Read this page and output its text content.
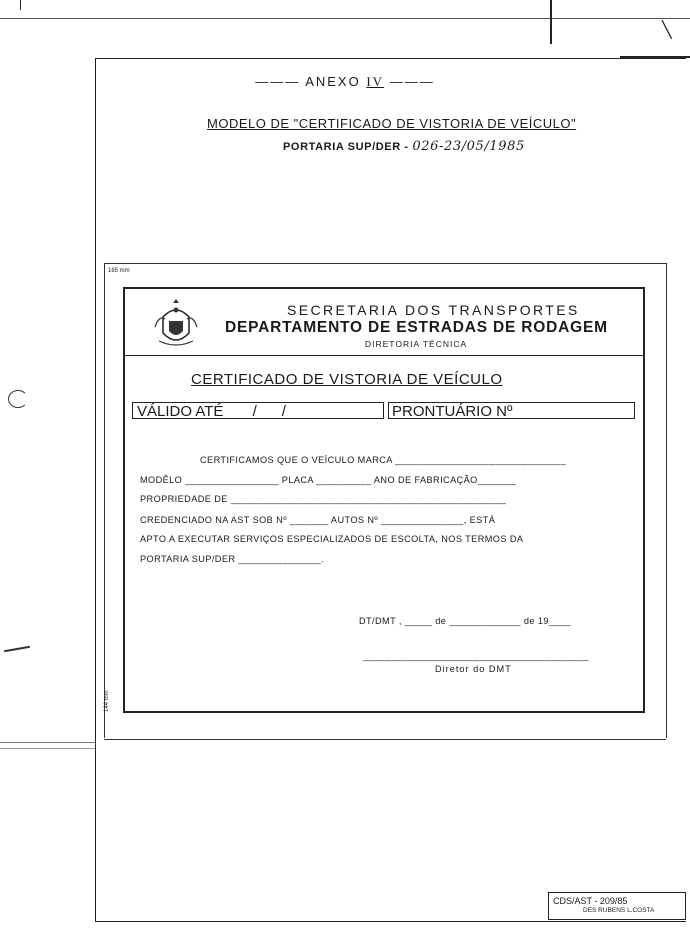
——— ANEXO IV ———
MODELO DE "CERTIFICADO DE VISTORIA DE VEÍCULO"
PORTARIA SUP/DER - 026-23/05/1985
165 mm
144 mm
SECRETARIA DOS TRANSPORTES
DEPARTAMENTO DE ESTRADAS DE RODAGEM
DIRETORIA TÉCNICA
CERTIFICADO DE VISTORIA DE VEÍCULO
VÁLIDO ATÉ ___/___/_____	PRONTUÁRIO Nº________
CERTIFICAMOS QUE O VEÍCULO MARCA _______________________________
MODÊLO _________________ PLACA __________ ANO DE FABRICAÇÃO_______
PROPRIEDADE DE __________________________________________________
CREDENCIADO NA AST SOB Nº _______ AUTOS Nº _______________, ESTÁ
APTO A EXECUTAR SERVIÇOS ESPECIALIZADOS DE ESCOLTA, NOS TERMOS DA
PORTARIA SUP/DER _______________.
DT/DMT , _____ de _____________ de 19____
_________________________________________
Diretor do DMT
CDS/AST - 209/85
DES RUBENS L.COSTA
╲
